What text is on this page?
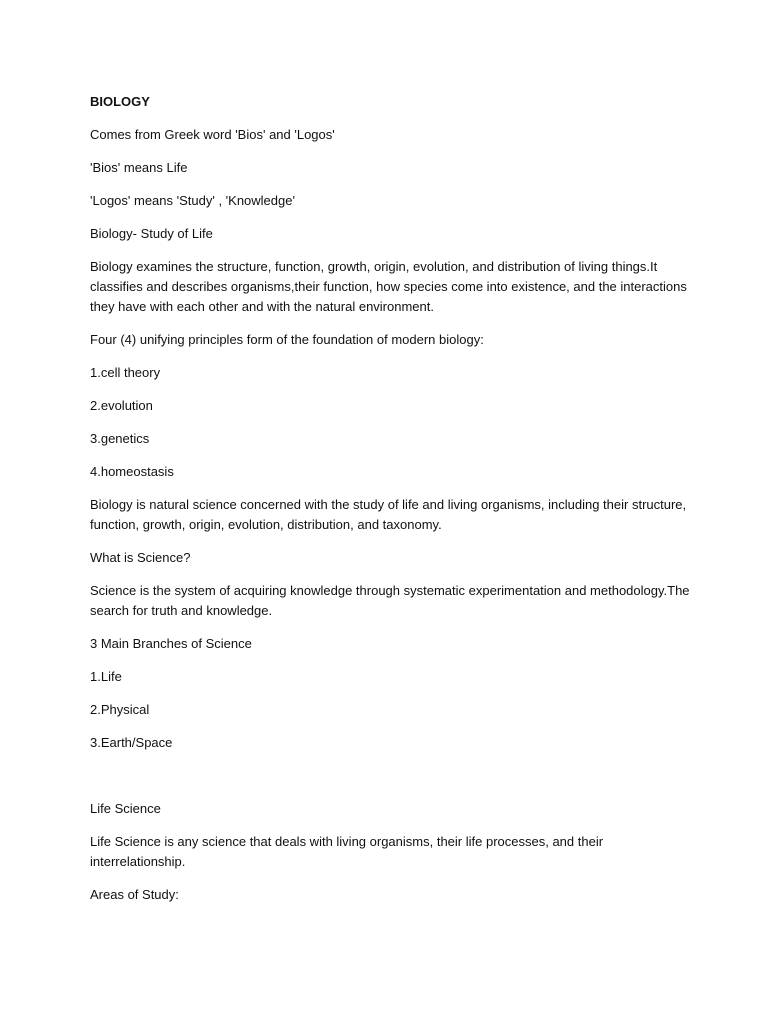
BIOLOGY

Comes from Greek word 'Bios' and 'Logos'

'Bios' means Life

'Logos' means 'Study' , 'Knowledge'

Biology- Study of Life

Biology examines the structure, function, growth, origin, evolution, and distribution of living things.It classifies and describes organisms,their function, how species come into existence, and the interactions they have with each other and with the natural environment.

Four (4) unifying principles form of the foundation of modern biology:

1.cell theory

2.evolution

3.genetics

4.homeostasis

Biology is natural science concerned with the study of life and living organisms, including their structure, function, growth, origin, evolution, distribution, and taxonomy.

What is Science?

Science is the system of acquiring knowledge through systematic experimentation and methodology.The search for truth and knowledge.

3 Main Branches of Science

1.Life

2.Physical

3.Earth/Space

Life Science

Life Science is any science that deals with living organisms, their life processes, and their interrelationship.

Areas of Study:
